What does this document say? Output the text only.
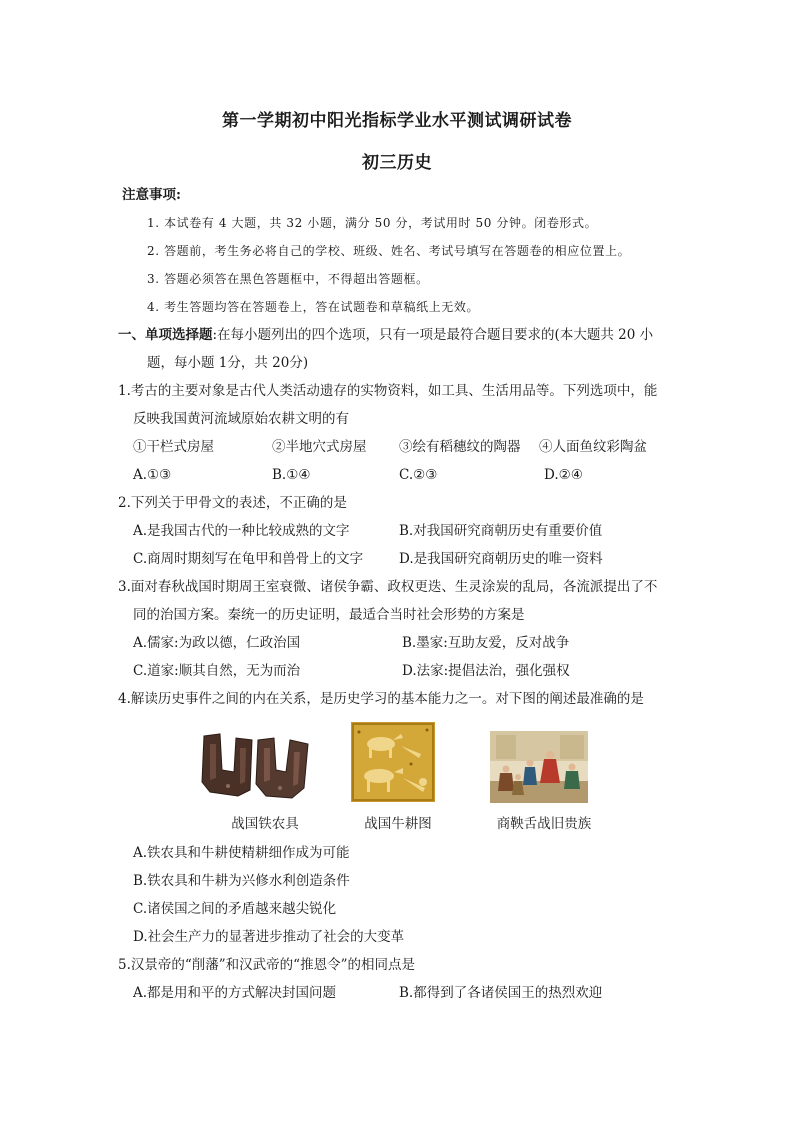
第一学期初中阳光指标学业水平测试调研试卷
初三历史
注意事项:
1. 本试卷有 4 大题，共 32 小题，满分 50 分，考试用时 50 分钟。闭卷形式。
2. 答题前，考生务必将自己的学校、班级、姓名、考试号填写在答题卷的相应位置上。
3. 答题必须答在黑色答题框中，不得超出答题框。
4. 考生答题均答在答题卷上，答在试题卷和草稿纸上无效。
一、单项选择题:在每小题列出的四个选项，只有一项是最符合题目要求的(本大题共 20 小
题，每小题 1分，共 20分)
1.考古的主要对象是古代人类活动遗存的实物资料，如工具、生活用品等。下列选项中，能
反映我国黄河流域原始农耕文明的有
①干栏式房屋	②半地穴式房屋 ③绘有稻穗纹的陶器 ④人面鱼纹彩陶盆
A.①③	B.①④	C.②③	D.②④
2.下列关于甲骨文的表述，不正确的是
A.是我国古代的一种比较成熟的文字	B.对我国研究商朝历史有重要价值
C.商周时期刻写在龟甲和兽骨上的文字	D.是我国研究商朝历史的唯一资料
3.面对春秋战国时期周王室衰微、诸侯争霸、政权更迭、生灵涂炭的乱局，各流派提出了不
同的治国方案。秦统一的历史证明，最适合当时社会形势的方案是
A.儒家:为政以德，仁政治国	B.墨家:互助友爱，反对战争
C.道家:顺其自然，无为而治	D.法家:提倡法治，强化强权
4.解读历史事件之间的内在关系，是历史学习的基本能力之一。对下图的阐述最准确的是
战国铁农具	战国牛耕图	商鞅舌战旧贵族
A.铁农具和牛耕使精耕细作成为可能
B.铁农具和牛耕为兴修水利创造条件
C.诸侯国之间的矛盾越来越尖锐化
D.社会生产力的显著进步推动了社会的大变革
5.汉景帝的“削藩”和汉武帝的“推恩令”的相同点是
A.都是用和平的方式解决封国问题	B.都得到了各诸侯国王的热烈欢迎
